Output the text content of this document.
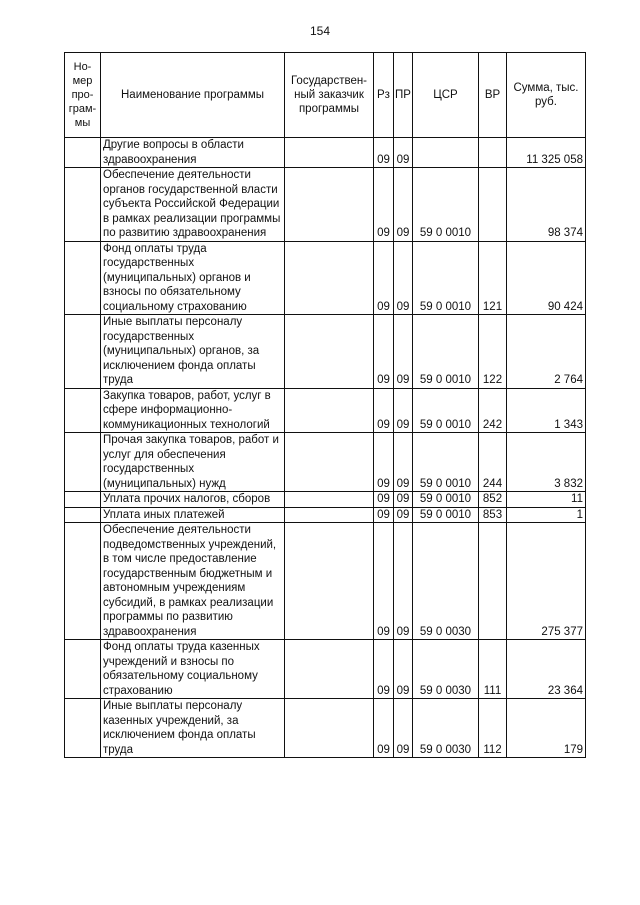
154
Но-мер про-грам-мы	Наименование программы	Государствен-ный заказчик программы	Рз	ПР	ЦСР	ВР	Сумма, тыс. руб.
	Другие вопросы в области здравоохранения		09	09			11 325 058
	Обеспечение деятельности органов государственной власти субъекта Российской Федерации в рамках реализации программы по развитию здравоохранения		09	09	59 0 0010		98 374
	Фонд оплаты труда государственных (муниципальных) органов и взносы по обязательному социальному страхованию		09	09	59 0 0010	121	90 424
	Иные выплаты персоналу государственных (муниципальных) органов, за исключением фонда оплаты труда		09	09	59 0 0010	122	2 764
	Закупка товаров, работ, услуг в сфере информационно-коммуникационных технологий		09	09	59 0 0010	242	1 343
	Прочая закупка товаров, работ и услуг для обеспечения государственных (муниципальных) нужд		09	09	59 0 0010	244	3 832
	Уплата прочих налогов, сборов		09	09	59 0 0010	852	11
	Уплата иных платежей		09	09	59 0 0010	853	1
	Обеспечение деятельности подведомственных учреждений, в том числе предоставление государственным бюджетным и автономным учреждениям субсидий, в рамках реализации программы по развитию здравоохранения		09	09	59 0 0030		275 377
	Фонд оплаты труда казенных учреждений и взносы по обязательному социальному страхованию		09	09	59 0 0030	111	23 364
	Иные выплаты персоналу казенных учреждений, за исключением фонда оплаты труда		09	09	59 0 0030	112	179
